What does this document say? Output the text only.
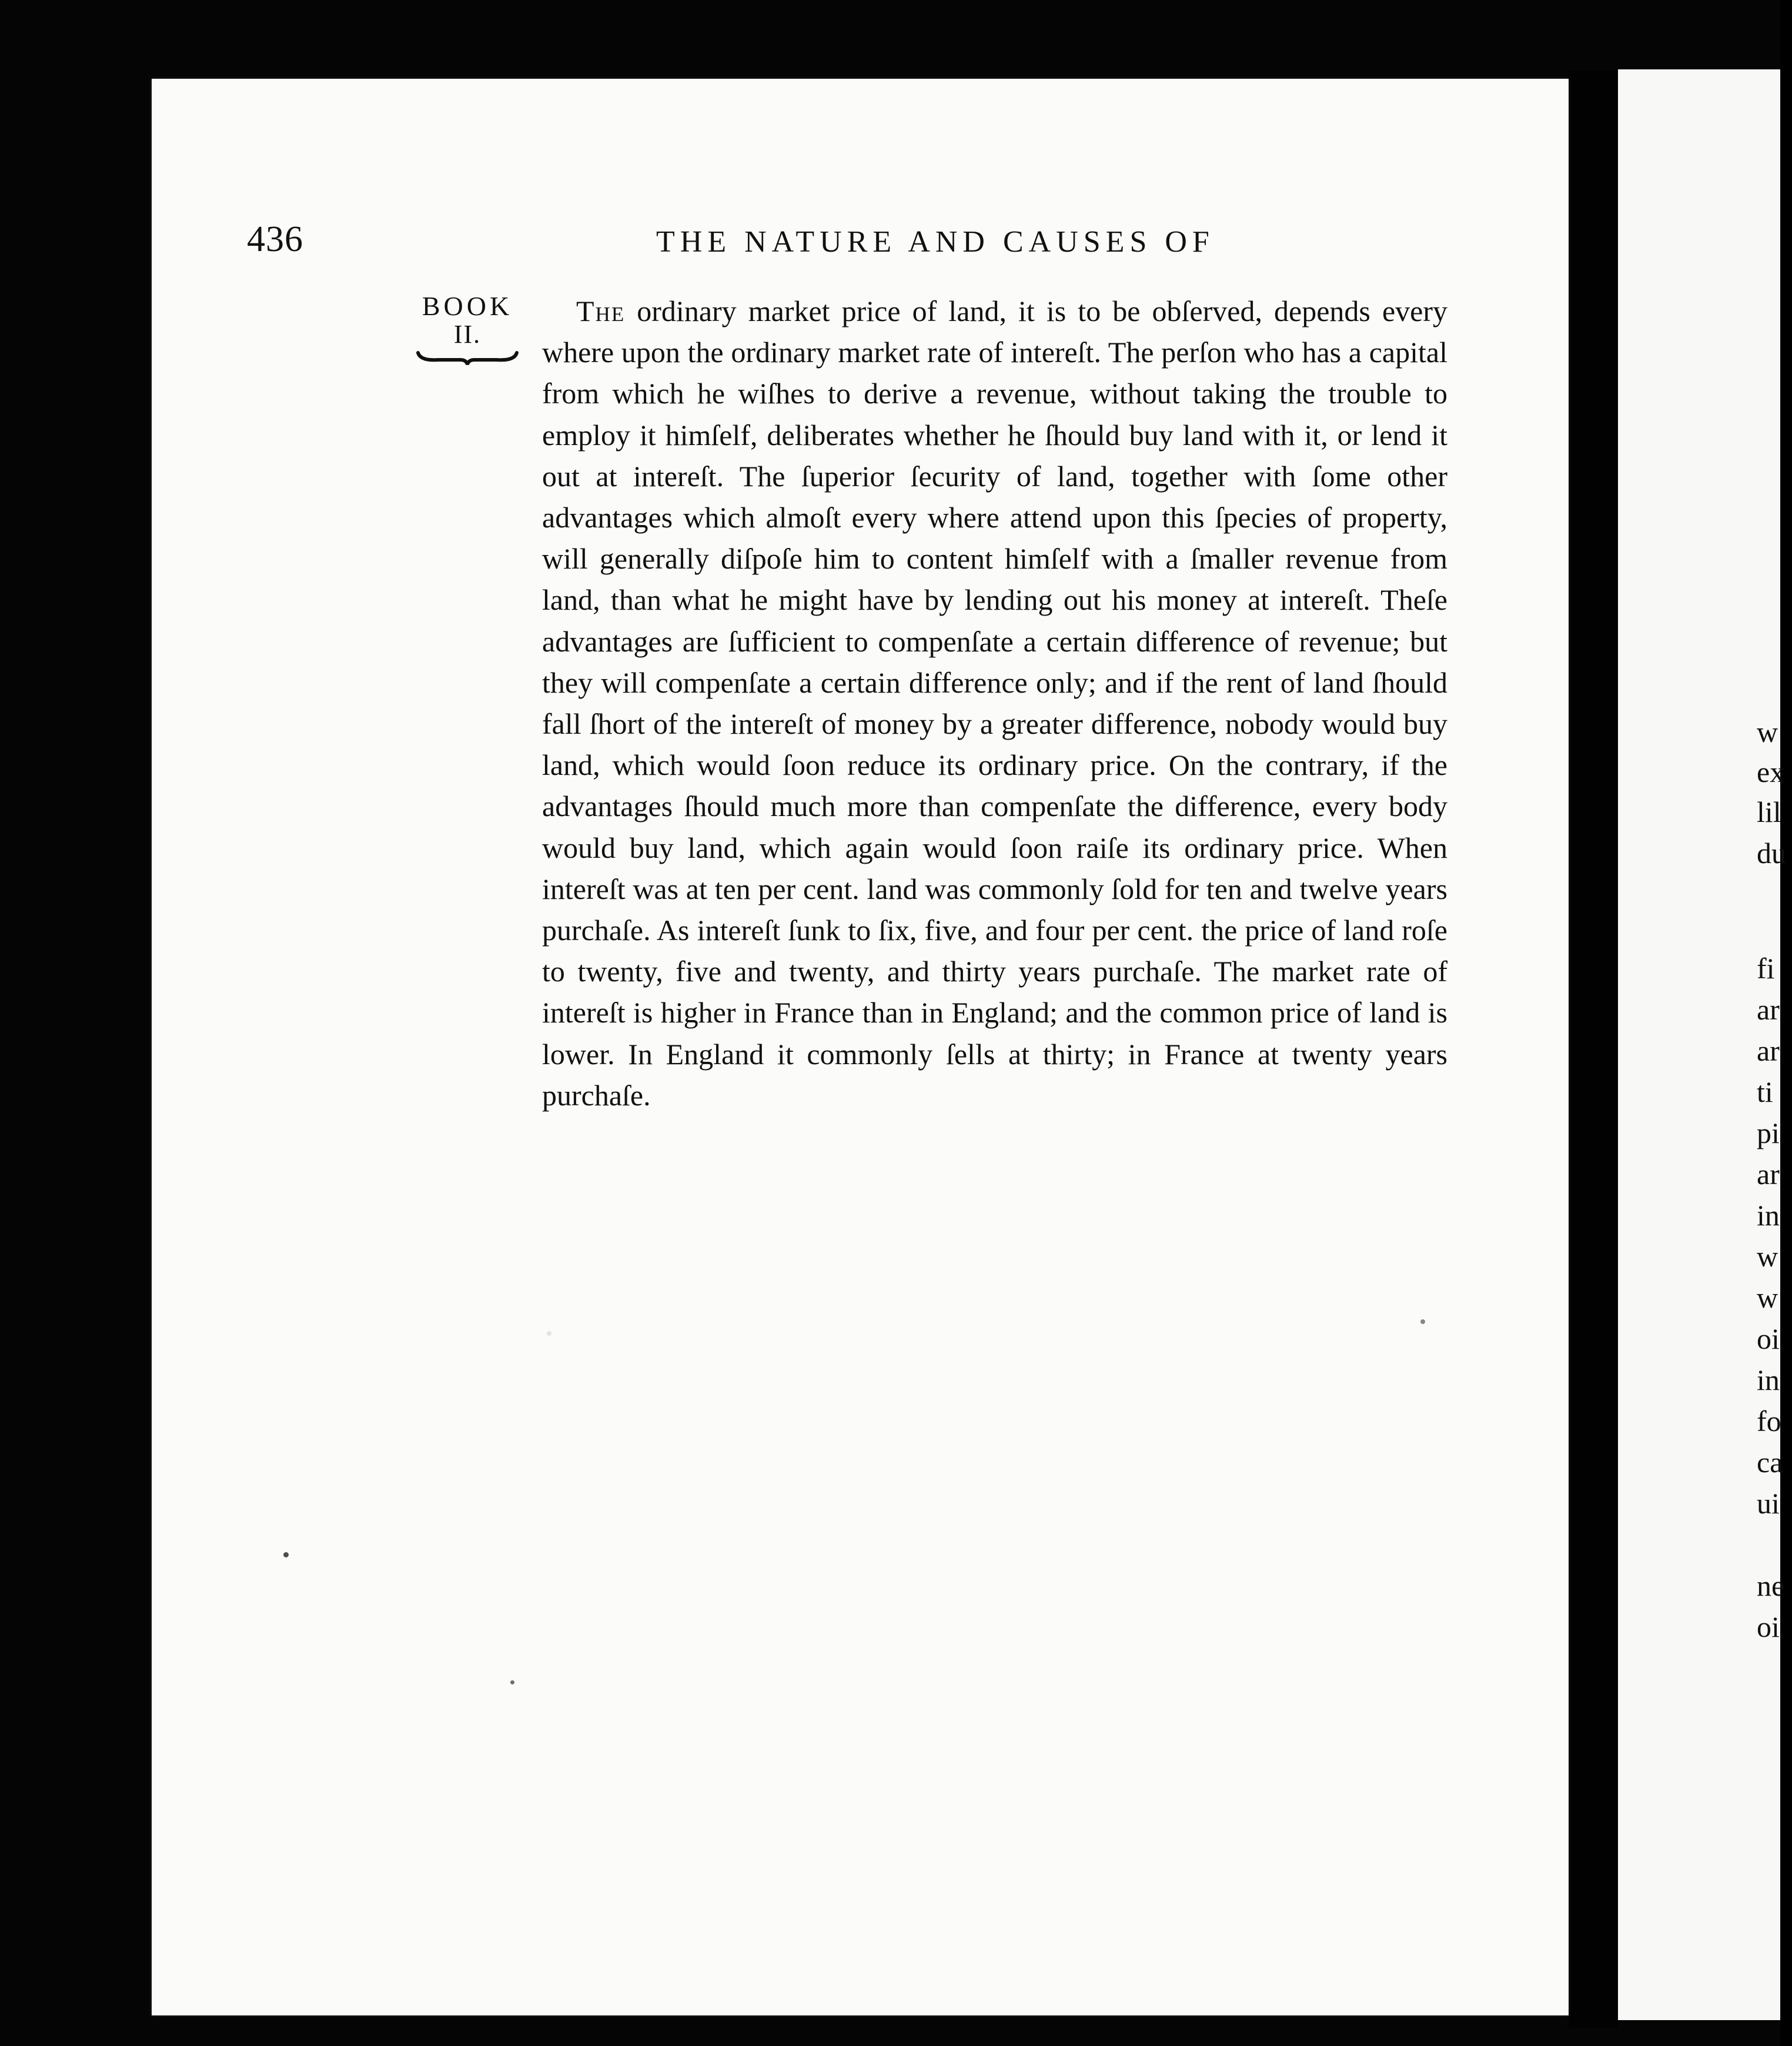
w
ex
lil
du
fi
ar
ar
ti
pi
ar
in
w
w
oi
in
fo
ca
ui
ne
oi
436	THE NATURE AND CAUSES OF
BOOK
II.
The ordinary market price of land, it is to be obſerved, depends every where upon the ordinary market rate of intereſt. The perſon who has a capital from which he wiſhes to derive a revenue, without taking the trouble to employ it himſelf, deliberates whether he ſhould buy land with it, or lend it out at intereſt. The ſuperior ſecurity of land, together with ſome other advantages which almoſt every where attend upon this ſpecies of property, will generally diſpoſe him to content himſelf with a ſmaller revenue from land, than what he might have by lending out his money at intereſt. Theſe advantages are ſufficient to compenſate a certain difference of revenue; but they will compenſate a certain difference only; and if the rent of land ſhould fall ſhort of the intereſt of money by a greater difference, nobody would buy land, which would ſoon reduce its ordinary price. On the contrary, if the advantages ſhould much more than compenſate the difference, every body would buy land, which again would ſoon raiſe its ordinary price. When intereſt was at ten per cent. land was commonly ſold for ten and twelve years purchaſe. As intereſt ſunk to ſix, five, and four per cent. the price of land roſe to twenty, five and twenty, and thirty years purchaſe. The market rate of intereſt is higher in France than in England; and the common price of land is lower. In England it commonly ſells at thirty; in France at twenty years purchaſe.
